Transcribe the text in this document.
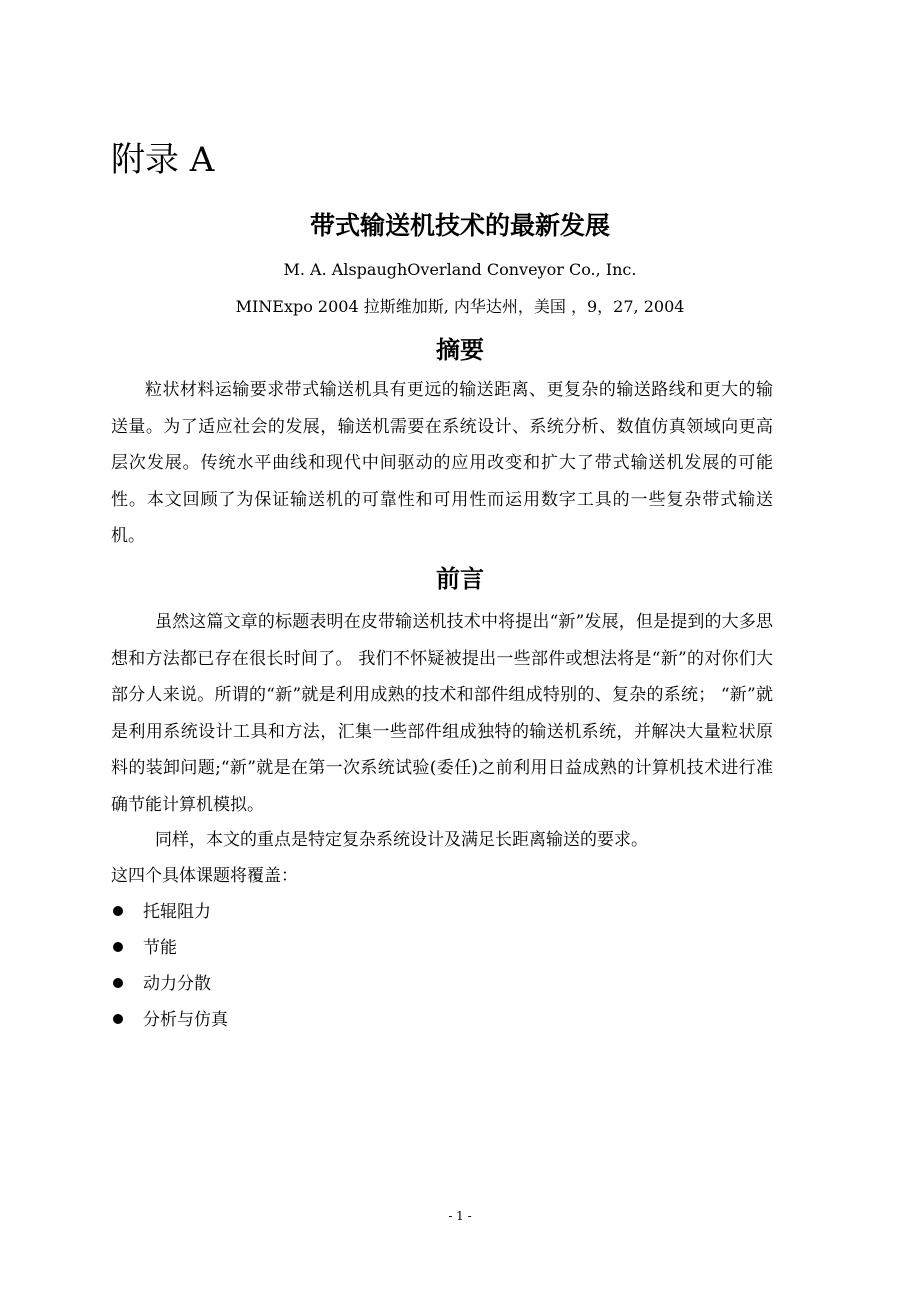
附录 A
带式输送机技术的最新发展
M. A. AlspaughOverland Conveyor Co., Inc.
MINExpo 2004 拉斯维加斯, 内华达州，美国 ，9，27, 2004
摘要

粒状材料运输要求带式输送机具有更远的输送距离、更复杂的输送路线和更大的输送量。为了适应社会的发展，输送机需要在系统设计、系统分析、数值仿真领域向更高层次发展。传统水平曲线和现代中间驱动的应用改变和扩大了带式输送机发展的可能性。本文回顾了为保证输送机的可靠性和可用性而运用数字工具的一些复杂带式输送机。

前言

虽然这篇文章的标题表明在皮带输送机技术中将提出“新”发展，但是提到的大多思想和方法都已存在很长时间了。 我们不怀疑被提出一些部件或想法将是“新”的对你们大部分人来说。所谓的“新”就是利用成熟的技术和部件组成特别的、复杂的系统； “新”就是利用系统设计工具和方法，汇集一些部件组成独特的输送机系统，并解决大量粒状原料的装卸问题;“新”就是在第一次系统试验(委任)之前利用日益成熟的计算机技术进行准确节能计算机模拟。

同样，本文的重点是特定复杂系统设计及满足长距离输送的要求。

这四个具体课题将覆盖：

托辊阻力
节能
动力分散
分析与仿真
- 1 -
